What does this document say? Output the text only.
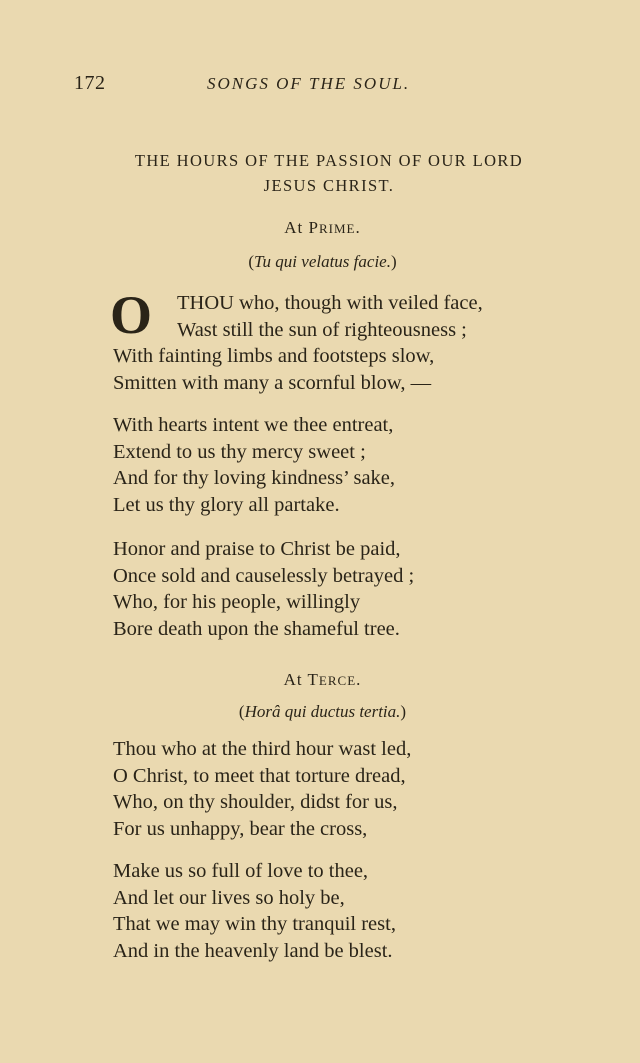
172	SONGS OF THE SOUL.
THE HOURS OF THE PASSION OF OUR LORD
JESUS CHRIST.
At PRIME.
(Tu qui velatus facie.)
O	THOU who, though with veiled face,
Wast still the sun of righteousness ;
With fainting limbs and footsteps slow,
Smitten with many a scornful blow, —
With hearts intent we thee entreat,
Extend to us thy mercy sweet ;
And for thy loving kindness’ sake,
Let us thy glory all partake.
Honor and praise to Christ be paid,
Once sold and causelessly betrayed ;
Who, for his people, willingly
Bore death upon the shameful tree.
At TERCE.
(Horâ qui ductus tertia.)
Thou who at the third hour wast led,
O Christ, to meet that torture dread,
Who, on thy shoulder, didst for us,
For us unhappy, bear the cross,
Make us so full of love to thee,
And let our lives so holy be,
That we may win thy tranquil rest,
And in the heavenly land be blest.
